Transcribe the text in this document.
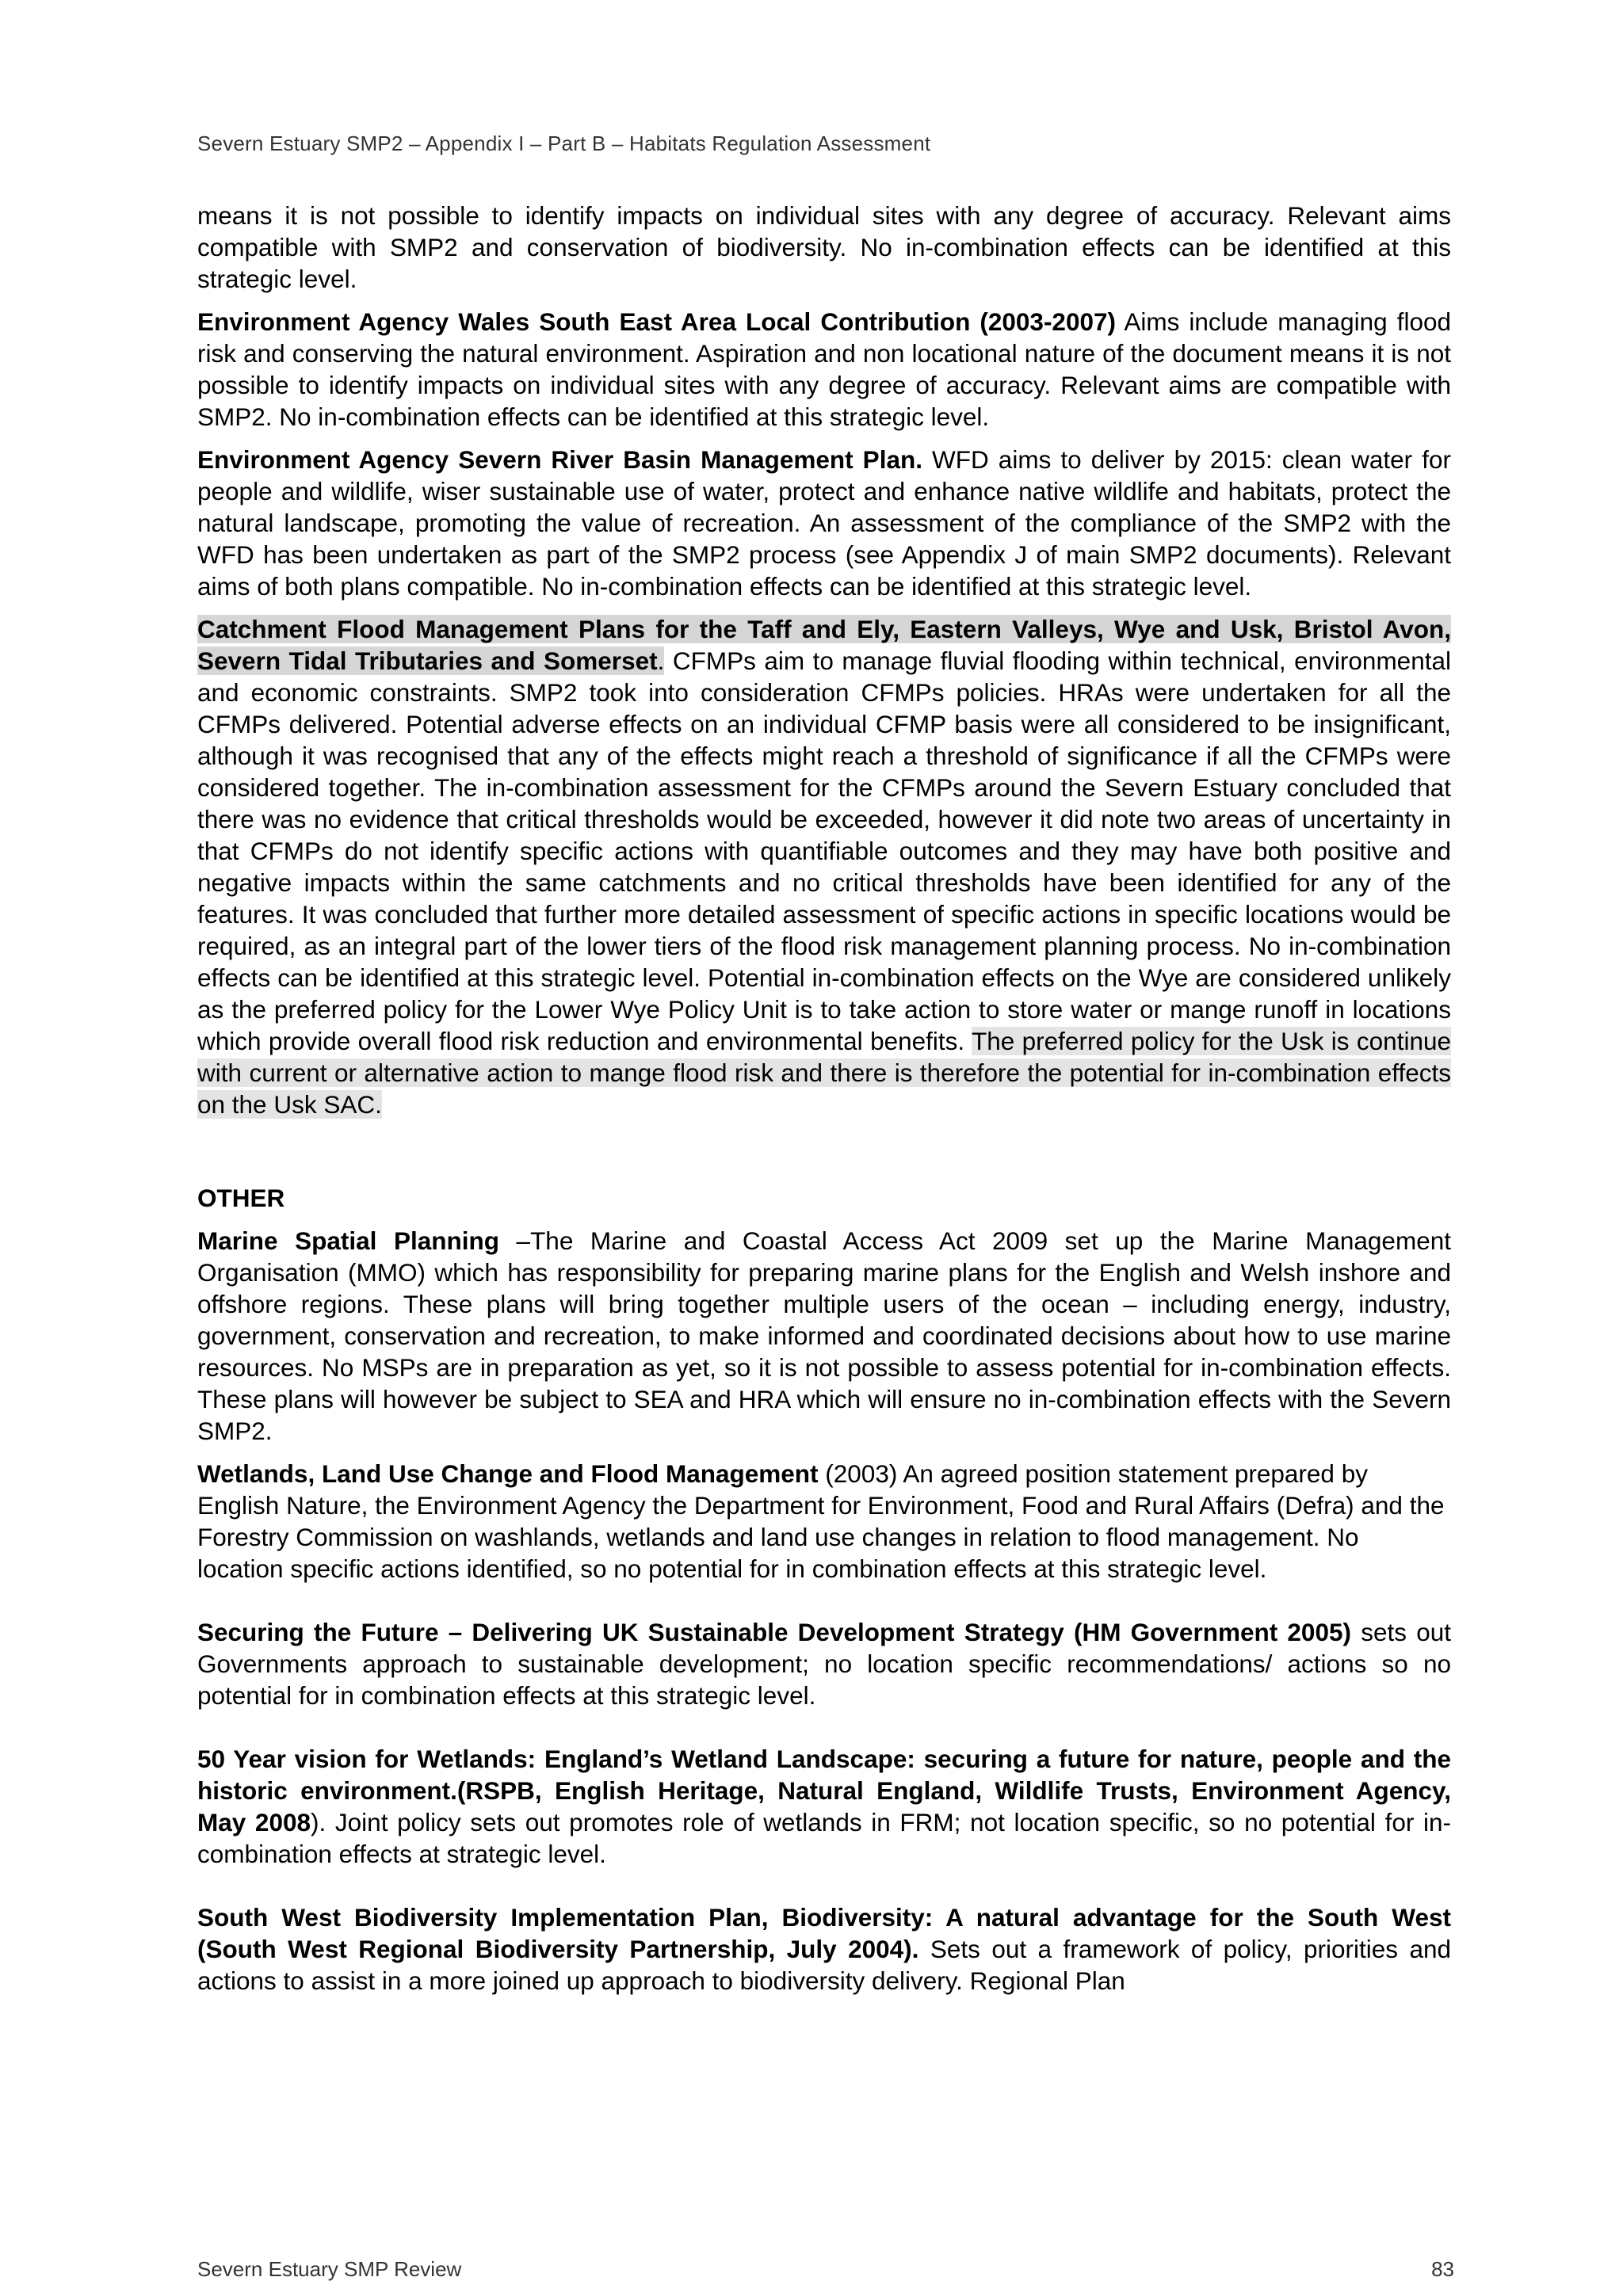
Severn Estuary SMP2 – Appendix I – Part B – Habitats Regulation Assessment

means it is not possible to identify impacts on individual sites with any degree of accuracy. Relevant aims compatible with SMP2 and conservation of biodiversity. No in-combination effects can be identified at this strategic level.

Environment Agency Wales South East Area Local Contribution (2003-2007) Aims include managing flood risk and conserving the natural environment. Aspiration and non locational nature of the document means it is not possible to identify impacts on individual sites with any degree of accuracy. Relevant aims are compatible with SMP2. No in-combination effects can be identified at this strategic level.

Environment Agency Severn River Basin Management Plan. WFD aims to deliver by 2015: clean water for people and wildlife, wiser sustainable use of water, protect and enhance native wildlife and habitats, protect the natural landscape, promoting the value of recreation. An assessment of the compliance of the SMP2 with the WFD has been undertaken as part of the SMP2 process (see Appendix J of main SMP2 documents). Relevant aims of both plans compatible. No in-combination effects can be identified at this strategic level.

Catchment Flood Management Plans for the Taff and Ely, Eastern Valleys, Wye and Usk, Bristol Avon, Severn Tidal Tributaries and Somerset. CFMPs aim to manage fluvial flooding within technical, environmental and economic constraints. SMP2 took into consideration CFMPs policies. HRAs were undertaken for all the CFMPs delivered. Potential adverse effects on an individual CFMP basis were all considered to be insignificant, although it was recognised that any of the effects might reach a threshold of significance if all the CFMPs were considered together. The in-combination assessment for the CFMPs around the Severn Estuary concluded that there was no evidence that critical thresholds would be exceeded, however it did note two areas of uncertainty in that CFMPs do not identify specific actions with quantifiable outcomes and they may have both positive and negative impacts within the same catchments and no critical thresholds have been identified for any of the features. It was concluded that further more detailed assessment of specific actions in specific locations would be required, as an integral part of the lower tiers of the flood risk management planning process. No in-combination effects can be identified at this strategic level. Potential in-combination effects on the Wye are considered unlikely as the preferred policy for the Lower Wye Policy Unit is to take action to store water or mange runoff in locations which provide overall flood risk reduction and environmental benefits. The preferred policy for the Usk is continue with current or alternative action to mange flood risk and there is therefore the potential for in-combination effects on the Usk SAC.

OTHER

Marine Spatial Planning –The Marine and Coastal Access Act 2009 set up the Marine Management Organisation (MMO) which has responsibility for preparing marine plans for the English and Welsh inshore and offshore regions. These plans will bring together multiple users of the ocean – including energy, industry, government, conservation and recreation, to make informed and coordinated decisions about how to use marine resources. No MSPs are in preparation as yet, so it is not possible to assess potential for in-combination effects. These plans will however be subject to SEA and HRA which will ensure no in-combination effects with the Severn SMP2.

Wetlands, Land Use Change and Flood Management (2003) An agreed position statement prepared by English Nature, the Environment Agency the Department for Environment, Food and Rural Affairs (Defra) and the Forestry Commission on washlands, wetlands and land use changes in relation to flood management. No location specific actions identified, so no potential for in combination effects at this strategic level.

Securing the Future – Delivering UK Sustainable Development Strategy (HM Government 2005) sets out Governments approach to sustainable development; no location specific recommendations/ actions so no potential for in combination effects at this strategic level.

50 Year vision for Wetlands: England’s Wetland Landscape: securing a future for nature, people and the historic environment.(RSPB, English Heritage, Natural England, Wildlife Trusts, Environment Agency, May 2008). Joint policy sets out promotes role of wetlands in FRM; not location specific, so no potential for in-combination effects at strategic level.

South West Biodiversity Implementation Plan, Biodiversity: A natural advantage for the South West (South West Regional Biodiversity Partnership, July 2004). Sets out a framework of policy, priorities and actions to assist in a more joined up approach to biodiversity delivery. Regional Plan

Severn Estuary SMP Review	83
